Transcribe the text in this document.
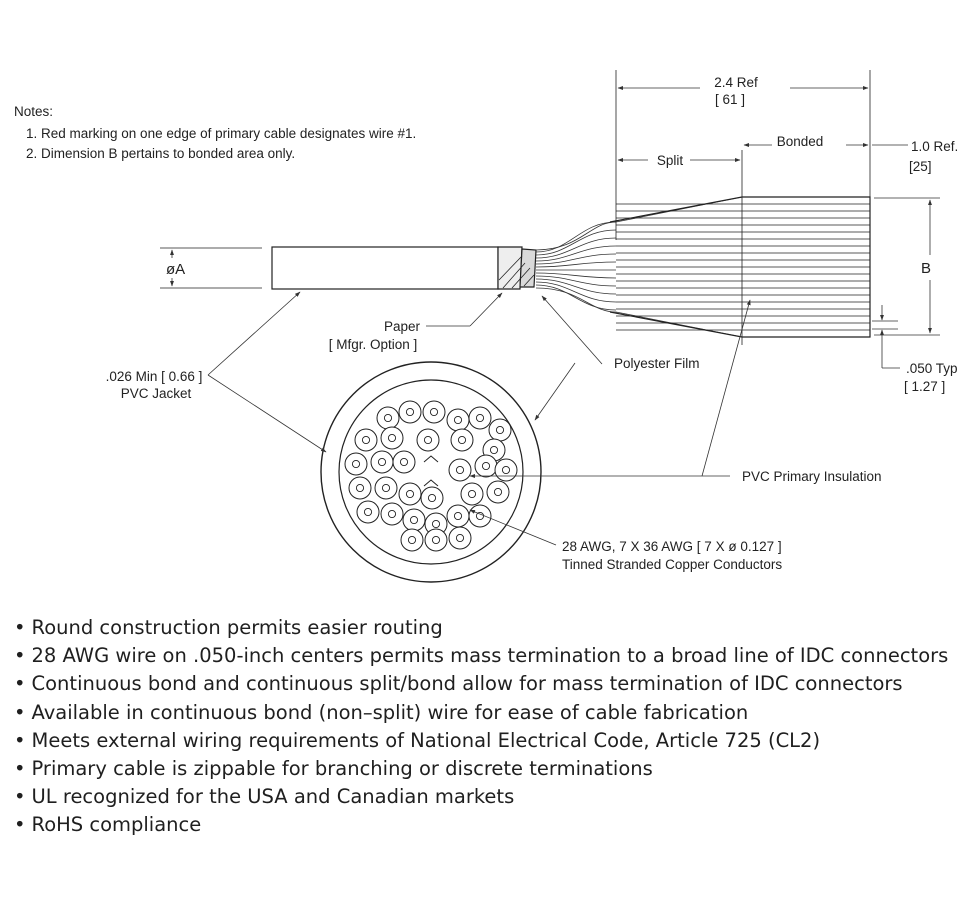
Notes:
1. Red marking on one edge of primary cable designates wire #1.
2. Dimension B pertains to bonded area only.
2.4 Ref
[ 61 ]
Split
Bonded	1.0 Ref.
[25]
øA	B
.050 Typ
[ 1.27 ]
Paper
[ Mfgr. Option ]
.026 Min [ 0.66 ]
PVC Jacket
Polyester Film
PVC Primary Insulation
28 AWG, 7 X 36 AWG [ 7 X ø 0.127 ]
Tinned Stranded Copper Conductors
• Round construction permits easier routing
• 28 AWG wire on .050-inch centers permits mass termination to a broad line of IDC connectors
• Continuous bond and continuous split/bond allow for mass termination of IDC connectors
• Available in continuous bond (non–split) wire for ease of cable fabrication
• Meets external wiring requirements of National Electrical Code, Article 725 (CL2)
• Primary cable is zippable for branching or discrete terminations
• UL recognized for the USA and Canadian markets
• RoHS compliance
